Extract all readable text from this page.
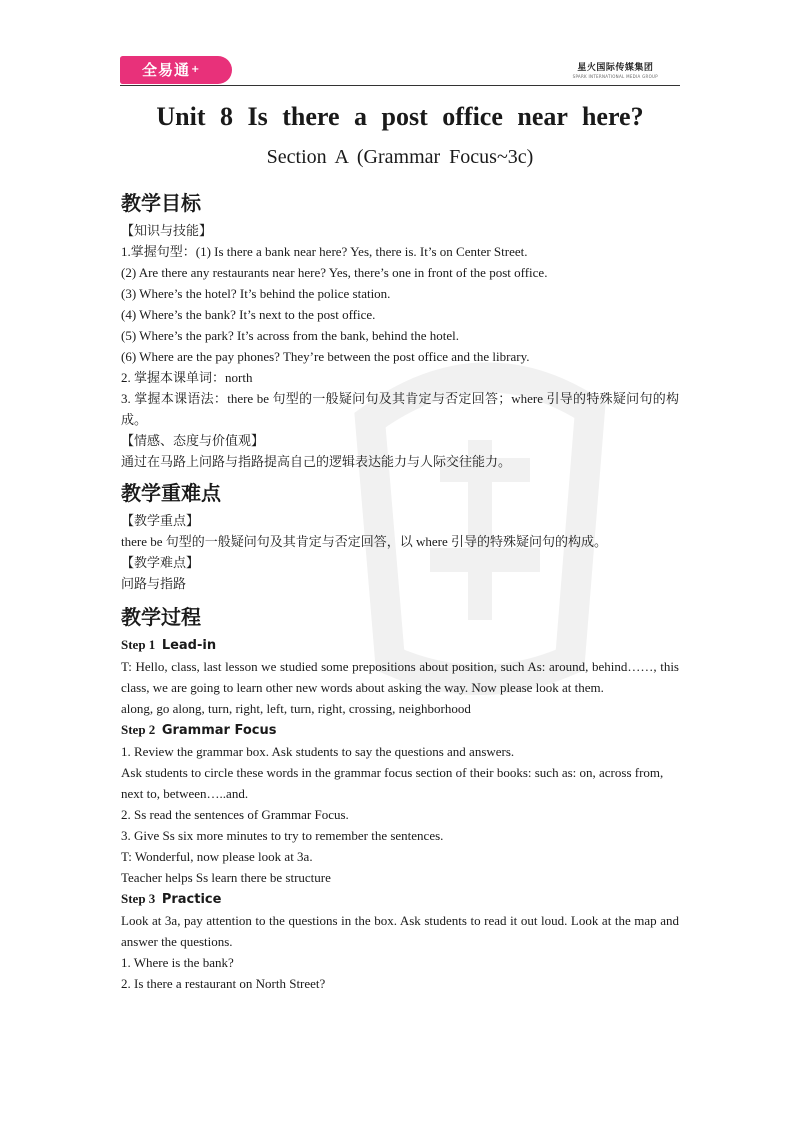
全易通+	星火国际传媒集团
SPARK INTERNATIONAL MEDIA GROUP
Unit 8 Is there a post office near here?
Section A (Grammar Focus~3c)
教学目标
【知识与技能】
1.掌握句型：(1) Is there a bank near here? Yes, there is. It’s on Center Street.
(2) Are there any restaurants near here? Yes, there’s one in front of the post office.
(3) Where’s the hotel? It’s behind the police station.
(4) Where’s the bank? It’s next to the post office.
(5) Where’s the park? It’s across from the bank, behind the hotel.
(6) Where are the pay phones? They’re between the post office and the library.
2. 掌握本课单词：north
3. 掌握本课语法：there be 句型的一般疑问句及其肯定与否定回答；where 引导的特殊疑问句的构成。
【情感、态度与价值观】
通过在马路上问路与指路提高自己的逻辑表达能力与人际交往能力。
教学重难点
【教学重点】
there be 句型的一般疑问句及其肯定与否定回答，以 where 引导的特殊疑问句的构成。
【教学难点】
问路与指路
教学过程
Step 1 Lead-in
T: Hello, class, last lesson we studied some prepositions about position, such As: around, behind……, this class, we are going to learn other new words about asking the way. Now please look at them.
along, go along, turn, right, left, turn, right, crossing, neighborhood
Step 2 Grammar Focus
1. Review the grammar box. Ask students to say the questions and answers.
Ask students to circle these words in the grammar focus section of their books: such as: on, across from, next to, between…..and.
2. Ss read the sentences of Grammar Focus.
3. Give Ss six more minutes to try to remember the sentences.
T: Wonderful, now please look at 3a.
Teacher helps Ss learn there be structure
Step 3 Practice
Look at 3a, pay attention to the questions in the box. Ask students to read it out loud. Look at the map and answer the questions.
1. Where is the bank?
2. Is there a restaurant on North Street?
